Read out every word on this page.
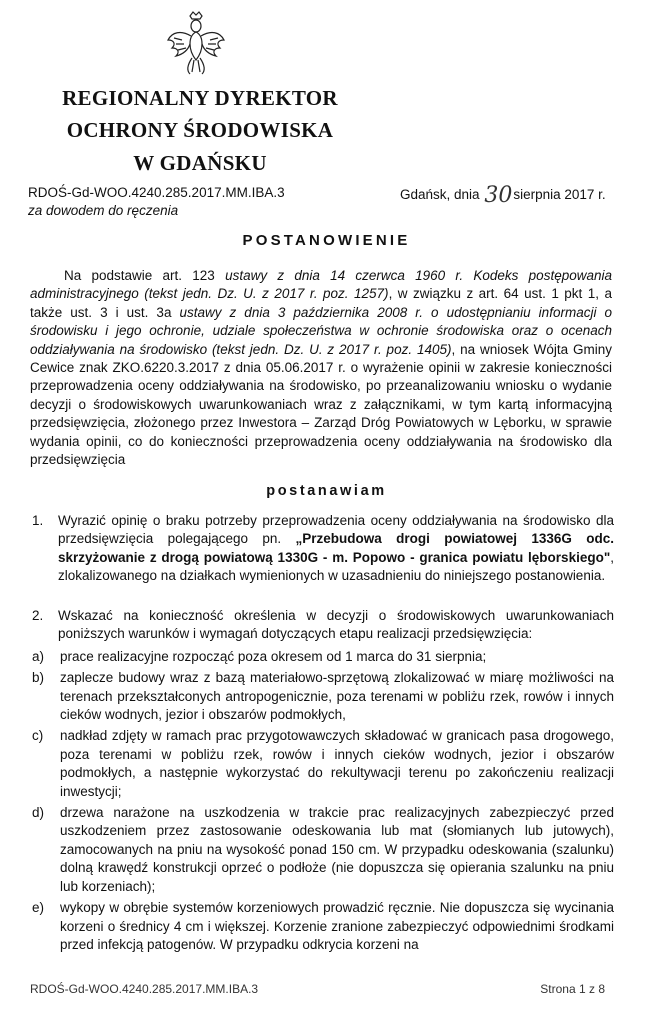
REGIONALNY DYREKTOR
OCHRONY ŚRODOWISKA
W GDAŃSKU
RDOŚ-Gd-WOO.4240.285.2017.MM.IBA.3
za dowodem do ręczenia
Gdańsk, dnia 30sierpnia 2017 r.
POSTANOWIENIE
Na podstawie art. 123 ustawy z dnia 14 czerwca 1960 r. Kodeks postępowania administracyjnego (tekst jedn. Dz. U. z 2017 r. poz. 1257), w związku z art. 64 ust. 1 pkt 1, a także ust. 3 i ust. 3a ustawy z dnia 3 października 2008 r. o udostępnianiu informacji o środowisku i jego ochronie, udziale społeczeństwa w ochronie środowiska oraz o ocenach oddziaływania na środowisko (tekst jedn. Dz. U. z 2017 r. poz. 1405), na wniosek Wójta Gminy Cewice znak ZKO.6220.3.2017 z dnia 05.06.2017 r. o wyrażenie opinii w zakresie konieczności przeprowadzenia oceny oddziaływania na środowisko, po przeanalizowaniu wniosku o wydanie decyzji o środowiskowych uwarunkowaniach wraz z załącznikami, w tym kartą informacyjną przedsięwzięcia, złożonego przez Inwestora – Zarząd Dróg Powiatowych w Lęborku, w sprawie wydania opinii, co do konieczności przeprowadzenia oceny oddziaływania na środowisko dla przedsięwzięcia
postanawiam
1. Wyrazić opinię o braku potrzeby przeprowadzenia oceny oddziaływania na środowisko dla przedsięwzięcia polegającego pn. „Przebudowa drogi powiatowej 1336G odc. skrzyżowanie z drogą powiatową 1330G - m. Popowo - granica powiatu lęborskiego", zlokalizowanego na działkach wymienionych w uzasadnieniu do niniejszego postanowienia.
2. Wskazać na konieczność określenia w decyzji o środowiskowych uwarunkowaniach poniższych warunków i wymagań dotyczących etapu realizacji przedsięwzięcia:
a) prace realizacyjne rozpocząć poza okresem od 1 marca do 31 sierpnia;
b) zaplecze budowy wraz z bazą materiałowo-sprzętową zlokalizować w miarę możliwości na terenach przekształconych antropogenicznie, poza terenami w pobliżu rzek, rowów i innych cieków wodnych, jezior i obszarów podmokłych,
c) nadkład zdjęty w ramach prac przygotowawczych składować w granicach pasa drogowego, poza terenami w pobliżu rzek, rowów i innych cieków wodnych, jezior i obszarów podmokłych, a następnie wykorzystać do rekultywacji terenu po zakończeniu realizacji inwestycji;
d) drzewa narażone na uszkodzenia w trakcie prac realizacyjnych zabezpieczyć przed uszkodzeniem przez zastosowanie odeskowania lub mat (słomianych lub jutowych), zamocowanych na pniu na wysokość ponad 150 cm. W przypadku odeskowania (szalunku) dolną krawędź konstrukcji oprzeć o podłoże (nie dopuszcza się opierania szalunku na pniu lub korzeniach);
e) wykopy w obrębie systemów korzeniowych prowadzić ręcznie. Nie dopuszcza się wycinania korzeni o średnicy 4 cm i większej. Korzenie zranione zabezpieczyć odpowiednimi środkami przed infekcją patogenów. W przypadku odkrycia korzeni na
RDOŚ-Gd-WOO.4240.285.2017.MM.IBA.3	Strona 1 z 8
